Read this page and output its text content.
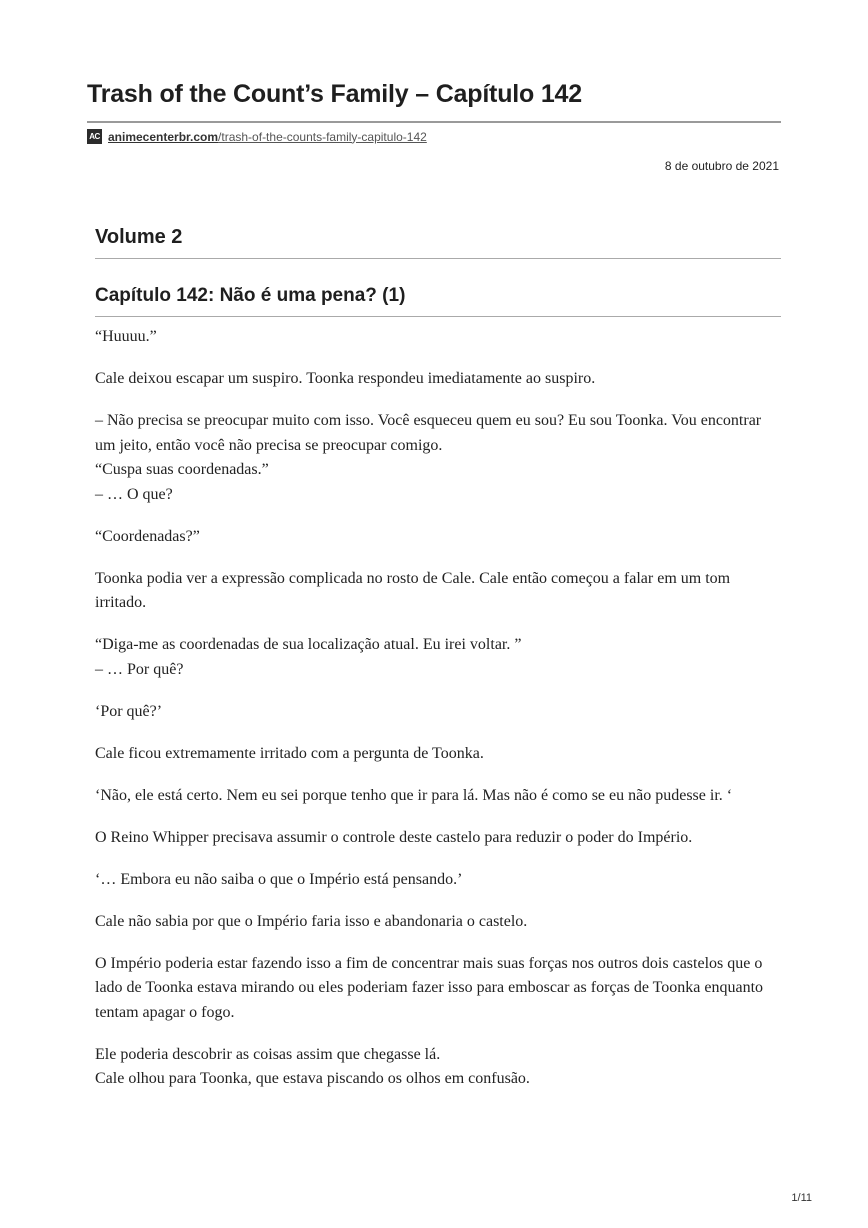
Trash of the Count’s Family – Capítulo 142
AC animecenterbr.com/trash-of-the-counts-family-capitulo-142
8 de outubro de 2021
Volume 2
Capítulo 142: Não é uma pena? (1)

“Huuuu.”

Cale deixou escapar um suspiro. Toonka respondeu imediatamente ao suspiro.

– Não precisa se preocupar muito com isso. Você esqueceu quem eu sou? Eu sou Toonka. Vou encontrar um jeito, então você não precisa se preocupar comigo.
“Cuspa suas coordenadas.”
– … O que?

“Coordenadas?”

Toonka podia ver a expressão complicada no rosto de Cale. Cale então começou a falar em um tom irritado.

“Diga-me as coordenadas de sua localização atual. Eu irei voltar. ”
– … Por quê?

‘Por quê?’

Cale ficou extremamente irritado com a pergunta de Toonka.

‘Não, ele está certo. Nem eu sei porque tenho que ir para lá. Mas não é como se eu não pudesse ir. ‘

O Reino Whipper precisava assumir o controle deste castelo para reduzir o poder do Império.

‘… Embora eu não saiba o que o Império está pensando.’

Cale não sabia por que o Império faria isso e abandonaria o castelo.

O Império poderia estar fazendo isso a fim de concentrar mais suas forças nos outros dois castelos que o lado de Toonka estava mirando ou eles poderiam fazer isso para emboscar as forças de Toonka enquanto tentam apagar o fogo.

Ele poderia descobrir as coisas assim que chegasse lá.
Cale olhou para Toonka, que estava piscando os olhos em confusão.

1/11
